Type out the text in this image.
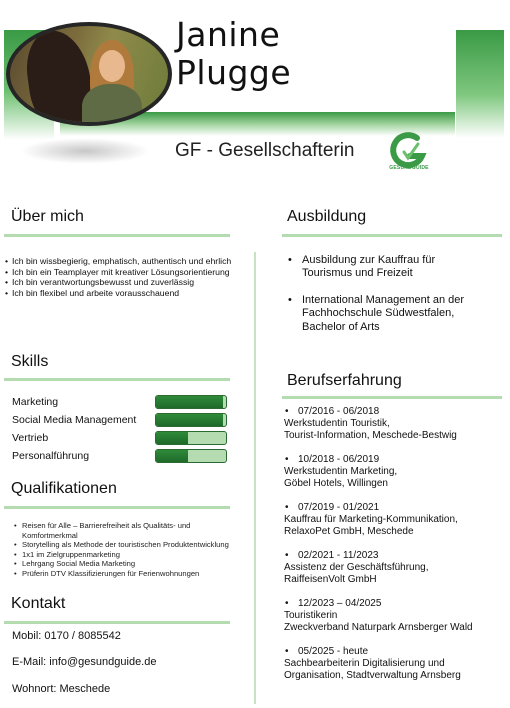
Janine
Plugge
GF - Gesellschafterin
GESUNDGUIDE
Über mich
• Ich bin wissbegierig, emphatisch, authentisch und ehrlich
• Ich bin ein Teamplayer mit kreativer Lösungsorientierung
• Ich bin verantwortungsbewusst und zuverlässig
• Ich bin flexibel und arbeite vorausschauend
Skills
Marketing
Social Media Management
Vertrieb
Personalführung
Qualifikationen
• Reisen für Alle – Barrierefreiheit als Qualitäts- und Komfortmerkmal
• Storytelling als Methode der touristischen Produktentwicklung
• 1x1 im Zielgruppenmarketing
• Lehrgang Social Media Marketing
• Prüferin DTV Klassifizierungen für Ferienwohnungen
Kontakt
Mobil: 0170 / 8085542
E-Mail: info@gesundguide.de
Wohnort: Meschede
Ausbildung
• Ausbildung zur Kauffrau für Tourismus und Freizeit
• International Management an der Fachhochschule Südwestfalen, Bachelor of Arts
Berufserfahrung
• 07/2016 - 06/2018
Werkstudentin Touristik,
Tourist-Information, Meschede-Bestwig
• 10/2018 - 06/2019
Werkstudentin Marketing,
Göbel Hotels, Willingen
• 07/2019 - 01/2021
Kauffrau für Marketing-Kommunikation,
RelaxoPet GmbH, Meschede
• 02/2021 - 11/2023
Assistenz der Geschäftsführung,
RaiffeisenVolt GmbH
• 12/2023 – 04/2025
Touristikerin
Zweckverband Naturpark Arnsberger Wald
• 05/2025 - heute
Sachbearbeiterin Digitalisierung und
Organisation, Stadtverwaltung Arnsberg
